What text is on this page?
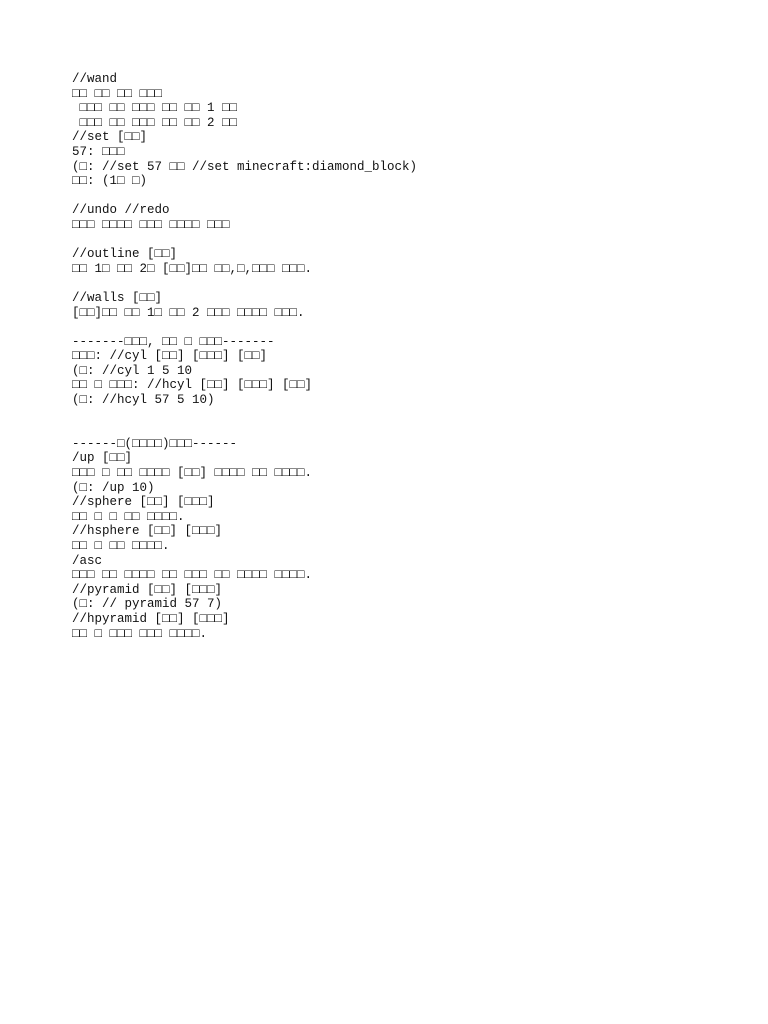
//wand
□□ □□ □□ □□□
□□□ □□ □□□ □□ □□ 1 □□
□□□ □□ □□□ □□ □□ 2 □□
//set [□□]
57: □□□
(□: //set 57 □□ //set minecraft:diamond_block)
□□: (1□ □)
//undo //redo
□□□ □□□□ □□□ □□□□ □□□
//outline [□□]
□□ 1□ □□ 2□ [□□]□□ □□,□,□□□ □□□.
//walls [□□]
[□□]□□ □□ 1□ □□ 2 □□□ □□□□ □□□.
-------□□□, □□ □ □□□-------
□□□: //cyl [□□] [□□□] [□□]
(□: //cyl 1 5 10
□□ □ □□□: //hcyl [□□] [□□□] [□□]
(□: //hcyl 57 5 10)
------□(□□□□)□□□------
/up [□□]
□□□ □ □□ □□□□ [□□] □□□□ □□ □□□□.
(□: /up 10)
//sphere [□□] [□□□]
□□ □ □ □□ □□□□.
//hsphere [□□] [□□□]
□□ □ □□ □□□□.
/asc
□□□ □□ □□□□ □□ □□□ □□ □□□□ □□□□.
//pyramid [□□] [□□□]
(□: // pyramid 57 7)
//hpyramid [□□] [□□□]
□□ □ □□□ □□□ □□□□.
